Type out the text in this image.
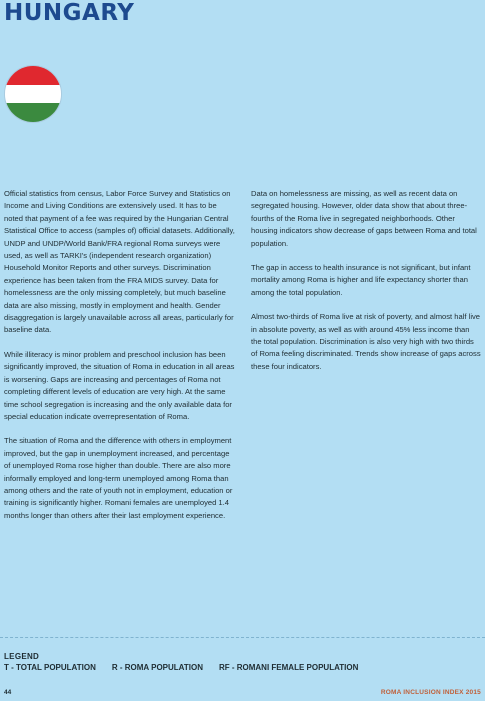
HUNGARY

Official statistics from census, Labor Force Survey and Statistics on Income and Living Conditions are extensively used. It has to be noted that payment of a fee was required by the Hungarian Central Statistical Office to access (samples of) official datasets. Additionally, UNDP and UNDP/World Bank/FRA regional Roma surveys were used, as well as TARKI's (independent research organization) Household Monitor Reports and other surveys. Discrimination experience has been taken from the FRA MIDS survey. Data for homelessness are the only missing completely, but much baseline data are also missing, mostly in employment and health. Gender disaggregation is largely unavailable across all areas, particularly for baseline data.

While illiteracy is minor problem and preschool inclusion has been significantly improved, the situation of Roma in education in all areas is worsening. Gaps are increasing and percentages of Roma not completing different levels of education are very high. At the same time school segregation is increasing and the only available data for special education indicate overrepresentation of Roma.

The situation of Roma and the difference with others in employment improved, but the gap in unemployment increased, and percentage of unemployed Roma rose higher than double. There are also more informally employed and long-term unemployed among Roma than among others and the rate of youth not in employment, education or training is significantly higher. Romani females are unemployed 1.4 months longer than others after their last employment experience.

Data on homelessness are missing, as well as recent data on segregated housing. However, older data show that about three-fourths of the Roma live in segregated neighborhoods. Other housing indicators show decrease of gaps between Roma and total population.

The gap in access to health insurance is not significant, but infant mortality among Roma is higher and life expectancy shorter than among the total population.

Almost two-thirds of Roma live at risk of poverty, and almost half live in absolute poverty, as well as with around 45% less income than the total population. Discrimination is also very high with two thirds of Roma feeling discriminated. Trends show increase of gaps across these four indicators.

LEGEND
T - TOTAL POPULATION R - ROMA POPULATION RF - ROMANI FEMALE POPULATION
44	ROMA INCLUSION INDEX 2015
